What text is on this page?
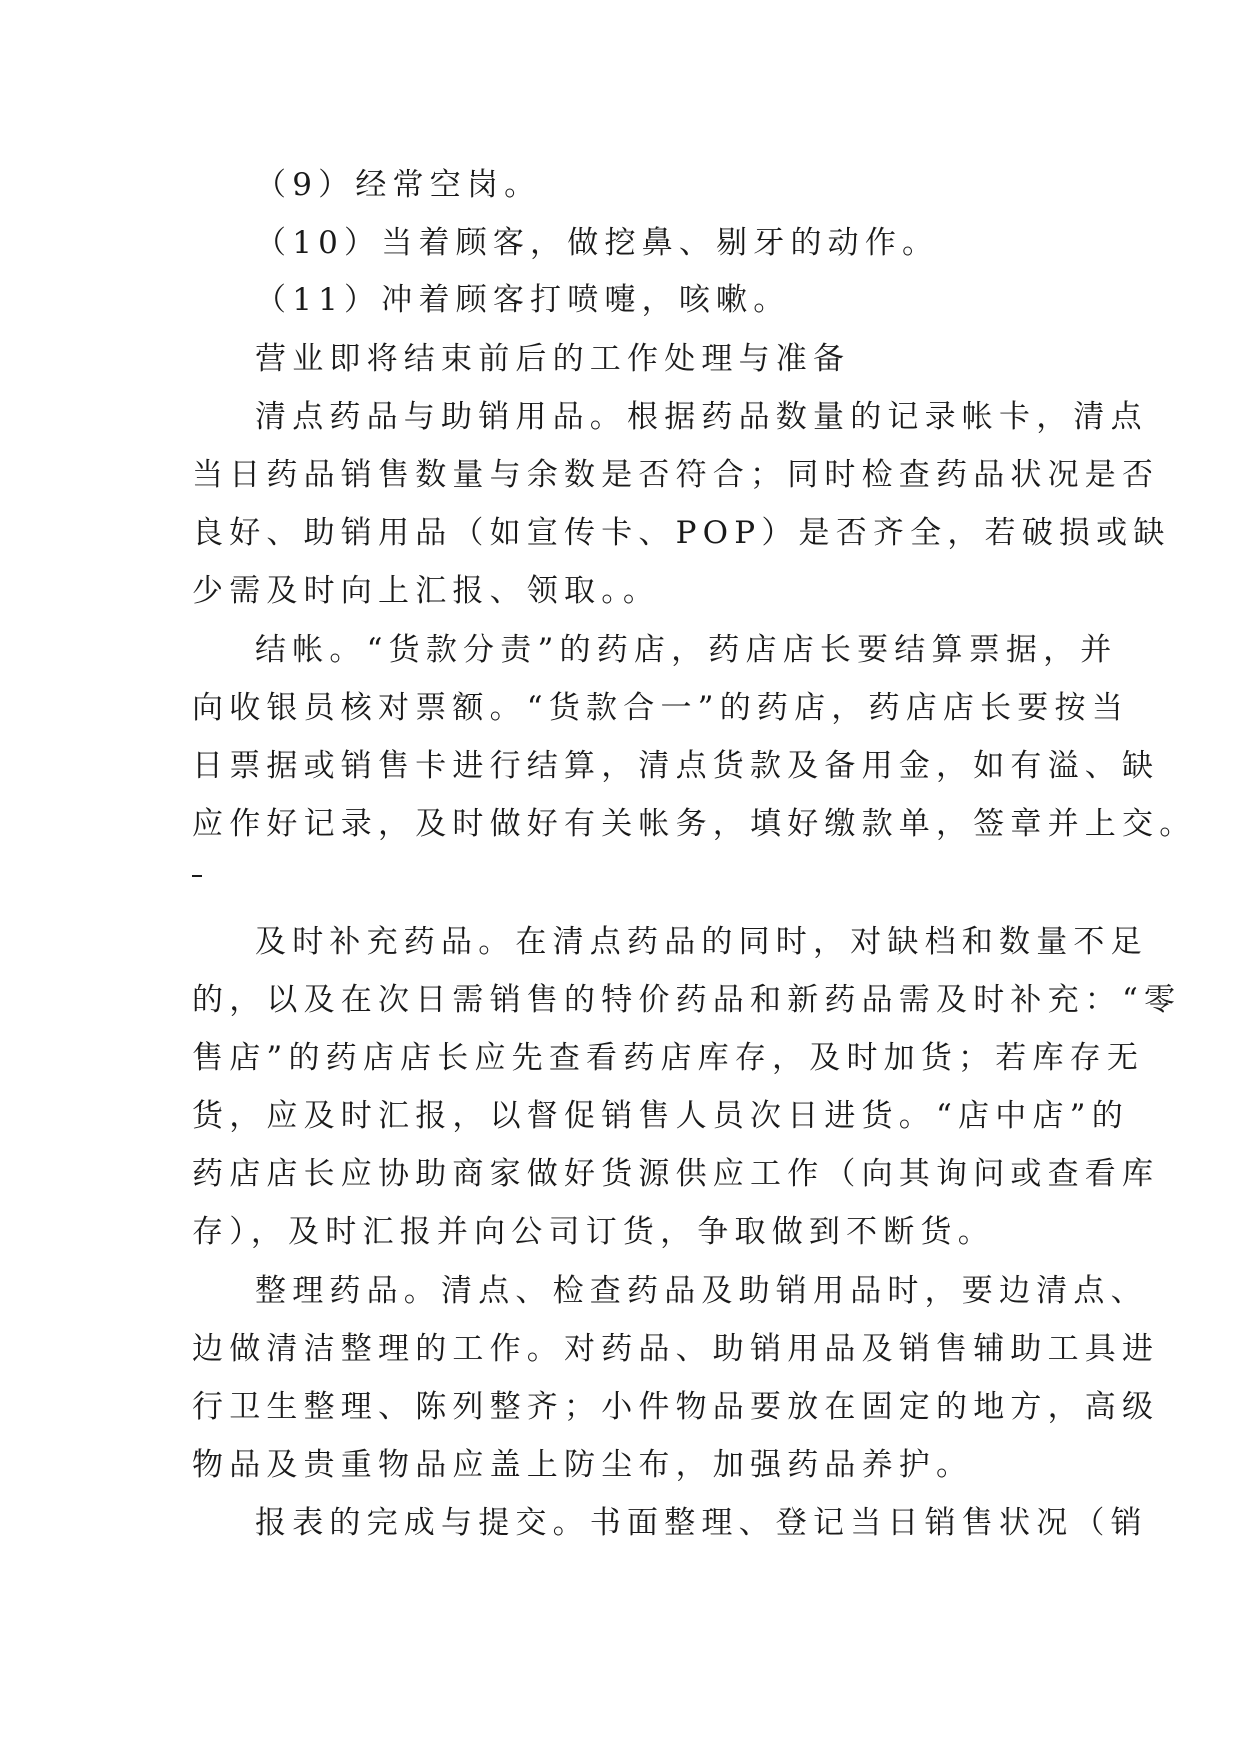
（9）经常空岗。
（10）当着顾客，做挖鼻、剔牙的动作。
（11）冲着顾客打喷嚏，咳嗽。
营业即将结束前后的工作处理与准备
清点药品与助销用品。根据药品数量的记录帐卡，清点
当日药品销售数量与余数是否符合；同时检查药品状况是否
良好、助销用品（如宣传卡、POP）是否齐全，若破损或缺
少需及时向上汇报、领取。。
结帐。“货款分责”的药店，药店店长要结算票据，并
向收银员核对票额。“货款合一”的药店，药店店长要按当
日票据或销售卡进行结算，清点货款及备用金，如有溢、缺
应作好记录，及时做好有关帐务，填好缴款单，签章并上交。
及时补充药品。在清点药品的同时，对缺档和数量不足
的，以及在次日需销售的特价药品和新药品需及时补充：“零
售店”的药店店长应先查看药店库存，及时加货；若库存无
货，应及时汇报，以督促销售人员次日进货。“店中店”的
药店店长应协助商家做好货源供应工作（向其询问或查看库
存），及时汇报并向公司订货，争取做到不断货。
整理药品。清点、检查药品及助销用品时，要边清点、
边做清洁整理的工作。对药品、助销用品及销售辅助工具进
行卫生整理、陈列整齐；小件物品要放在固定的地方，高级
物品及贵重物品应盖上防尘布，加强药品养护。
报表的完成与提交。书面整理、登记当日销售状况（销
